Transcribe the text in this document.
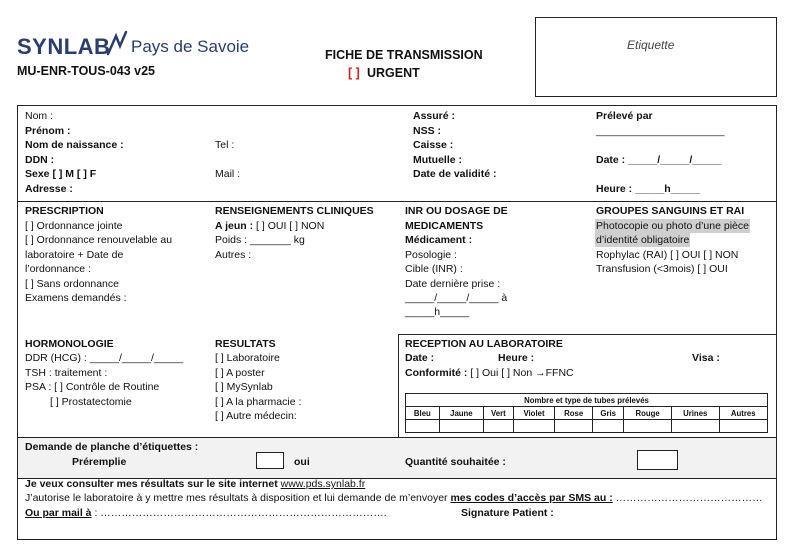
SYNLAB Pays de Savoie
MU-ENR-TOUS-043 v25
FICHE DE TRANSMISSION
[ ] URGENT
Etiquette
Nom :
Prénom :
Nom de naissance :
DDN :
Sexe [ ] M [ ] F
Adresse :
Tel :
Mail :
Assuré :
NSS :
Caisse :
Mutuelle :
Date de validité :
Prélevé par
______________________
Date : _____/_____/_____
Heure : _____h_____
PRESCRIPTION
[ ] Ordonnance jointe
[ ] Ordonnance renouvelable au
laboratoire + Date de
l’ordonnance :
[ ] Sans ordonnance
Examens demandés :
RENSEIGNEMENTS CLINIQUES
A jeun : [ ] OUI [ ] NON
Poids : _______ kg
Autres :
INR OU DOSAGE DE
MEDICAMENTS
Médicament :
Posologie :
Cible (INR) :
Date dernière prise :
_____/_____/_____ à
_____h_____
GROUPES SANGUINS ET RAI
Photocopie ou photo d’une pièce
d’identité obligatoire
Rophylac (RAI) [ ] OUI [ ] NON
Transfusion (<3mois) [ ] OUI
HORMONOLOGIE
DDR (HCG) : _____/_____/_____
TSH : traitement :
PSA : [ ] Contrôle de Routine
[ ] Prostatectomie
RESULTATS
[ ] Laboratoire
[ ] A poster
[ ] MySynlab
[ ] A la pharmacie :
[ ] Autre médecin:
RECEPTION AU LABORATOIRE
Date :	Heure :	Visa :
Conformité : [ ] Oui [ ] Non →FFNC
Nombre et type de tubes prélevés								
Bleu	Jaune	Vert	Violet	Rose	Gris	Rouge	Urines	Autres

Demande de planche d’étiquettes :
Préremplie	oui	Quantité souhaitée :
Je veux consulter mes résultats sur le site internet www.pds.synlab.fr
J’autorise le laboratoire à y mettre mes résultats à disposition et lui demande de m’envoyer mes codes d’accès par SMS au : ……………………………………
Ou par mail à : ……………………………………………………………………….	Signature Patient :
